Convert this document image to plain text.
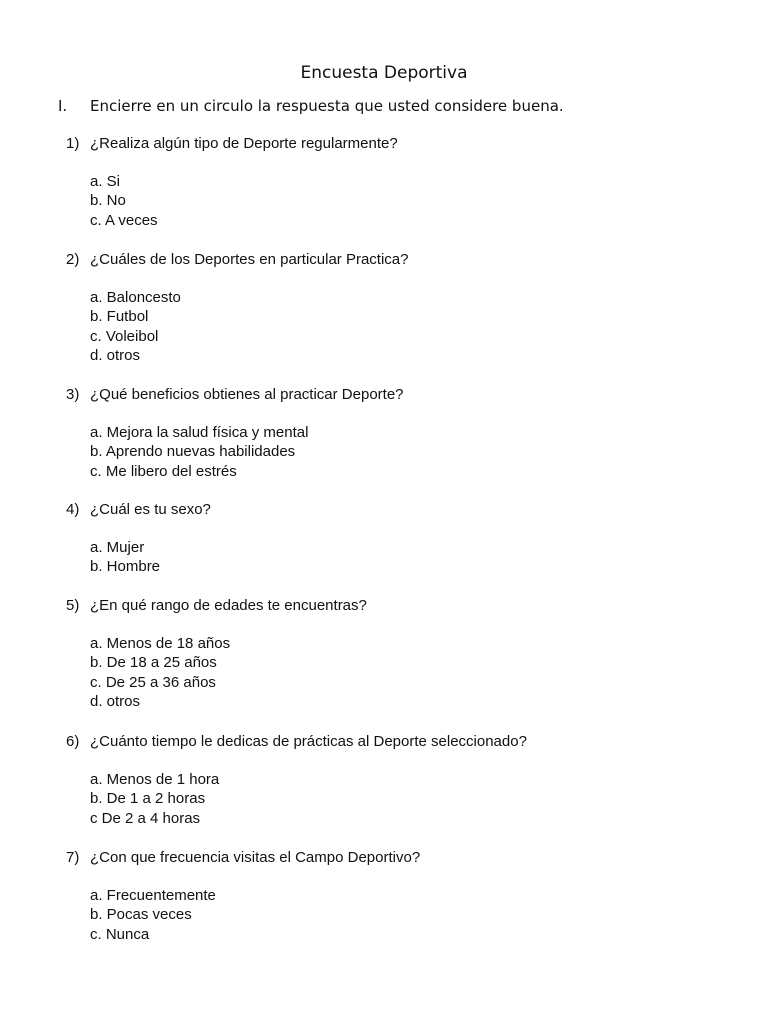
Encuesta Deportiva
I. Encierre en un circulo la respuesta que usted considere buena.
1) ¿Realiza algún tipo de Deporte regularmente?
a. Si
b. No
c. A veces
2) ¿Cuáles de los Deportes en particular Practica?
a. Baloncesto
b. Futbol
c. Voleibol
d. otros
3) ¿Qué beneficios obtienes al practicar Deporte?
a. Mejora la salud física y mental
b. Aprendo nuevas habilidades
c. Me libero del estrés
4) ¿Cuál es tu sexo?
a. Mujer
b. Hombre
5) ¿En qué rango de edades te encuentras?
a. Menos de 18 años
b. De 18 a 25 años
c. De 25 a 36 años
d. otros
6) ¿Cuánto tiempo le dedicas de prácticas al Deporte seleccionado?
a. Menos de 1 hora
b. De 1 a 2 horas
c De 2 a 4 horas
7) ¿Con que frecuencia visitas el Campo Deportivo?
a. Frecuentemente
b. Pocas veces
c. Nunca
